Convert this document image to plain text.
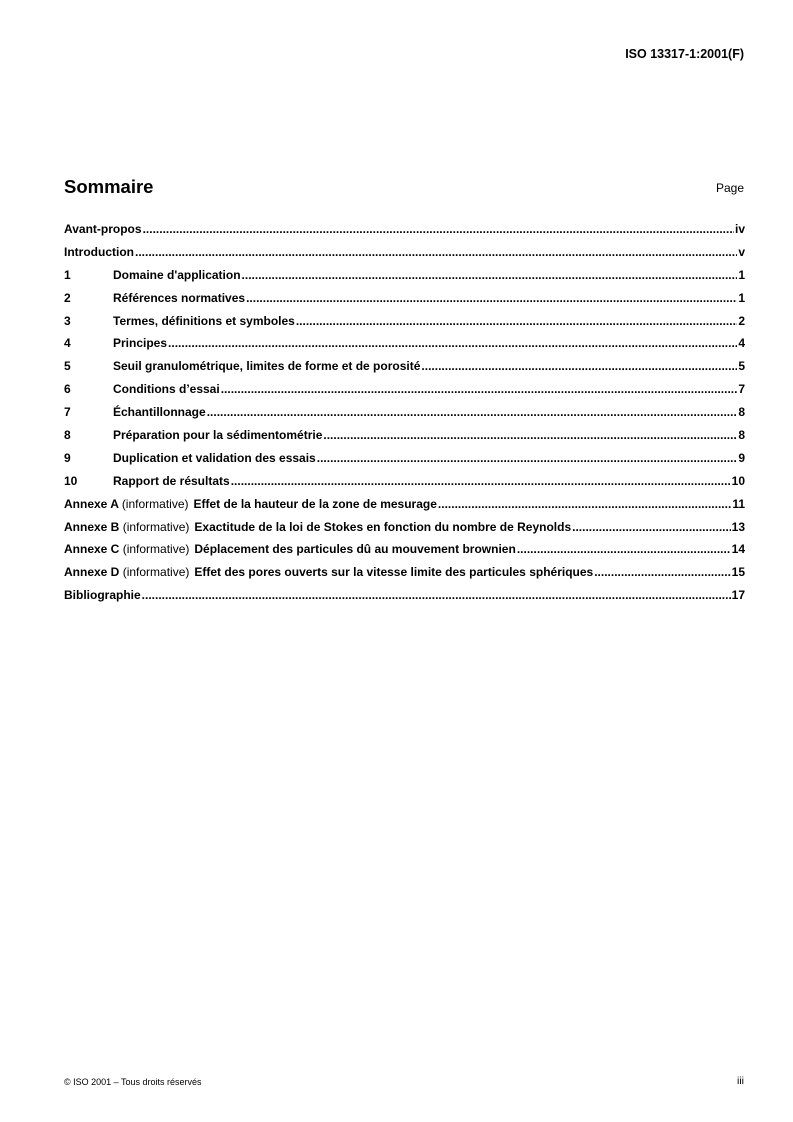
ISO 13317-1:2001(F)
Sommaire	Page
Avant-propos .....	iv
Introduction .....	v
1	Domaine d'application .....	1
2	Références normatives .....	1
3	Termes, définitions et symboles .....	2
4	Principes .....	4
5	Seuil granulométrique, limites de forme et de porosité .....	5
6	Conditions d’essai .....	7
7	Échantillonnage .....	8
8	Préparation pour la sédimentométrie .....	8
9	Duplication et validation des essais .....	9
10	Rapport de résultats .....	10
Annexe A (informative) Effet de la hauteur de la zone de mesurage .....	11
Annexe B (informative) Exactitude de la loi de Stokes en fonction du nombre de Reynolds .....	13
Annexe C (informative) Déplacement des particules dû au mouvement brownien .....	14
Annexe D (informative) Effet des pores ouverts sur la vitesse limite des particules sphériques .....	15
Bibliographie .....	17
© ISO 2001 – Tous droits réservés	iii
